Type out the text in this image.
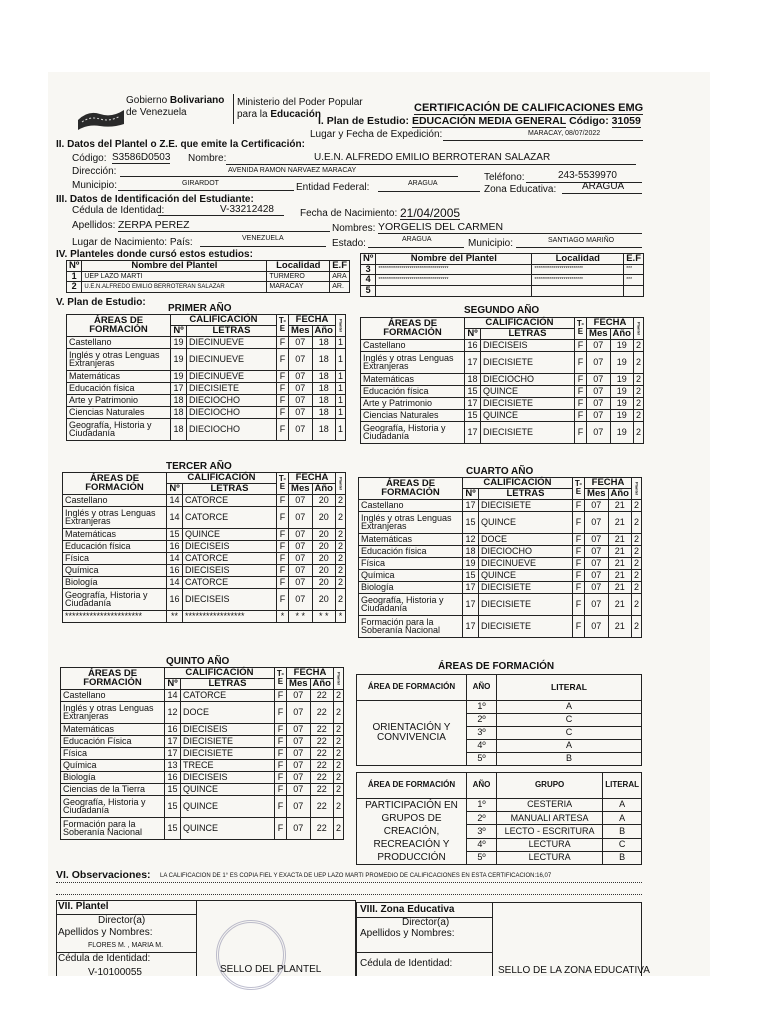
Gobierno Bolivariano
de Venezuela
Ministerio del Poder Popular
para la Educación
CERTIFICACIÓN DE CALIFICACIONES EMG
I. Plan de Estudio: EDUCACIÓN MEDIA GENERAL Código: 31059
Lugar y Fecha de Expedición:	MARACAY, 08/07/2022
II. Datos del Plantel o Z.E. que emite la Certificación:
Código: S3586D0503 Nombre:	U.E.N. ALFREDO EMILIO BERROTERAN SALAZAR
Dirección:	AVENIDA RAMON NARVAEZ MARACAY
Teléfono:	243-5539970
Municipio:	GIRARDOT	Entidad Federal:	ARAGUA
Zona Educativa:	ARAGUA
III. Datos de Identificación del Estudiante:
Cédula de Identidad:	V-33212428	Fecha de Nacimiento: 21/04/2005
Apellidos: ZERPA PEREZ	Nombres: YORGELIS DEL CARMEN
Lugar de Nacimiento: País:	VENEZUELA	Estado:	ARAGUA	Municipio:	SANTIAGO MARIÑO
IV. Planteles donde cursó estos estudios:
Nº	Nombre del Plantel	Localidad	E.F
1	UEP LAZO MARTI	TURMERO	ARA
2	U.E.N.ALFREDO EMILIO BERROTERAN SALAZAR	MARACAY	AR.
Nº	Nombre del Plantel	Localidad	E.F
3	************************************	*************************	***
4	************************************	*************************	***
5			
V. Plan de Estudio:
PRIMER AÑO
ÁREAS DE FORMACIÓN	CALIFICACIÓN		T-E	FECHA		Plantel
	Nº	LETRAS		Mes	Año	
Castellano	19	DIECINUEVE	F	07	18	1
Inglés y otras Lenguas Extranjeras	19	DIECINUEVE	F	07	18	1
Matemáticas	19	DIECINUEVE	F	07	18	1
Educación física	17	DIECISIETE	F	07	18	1
Arte y Patrimonio	18	DIECIOCHO	F	07	18	1
Ciencias Naturales	18	DIECIOCHO	F	07	18	1
Geografía, Historia y Ciudadanía	18	DIECIOCHO	F	07	18	1
SEGUNDO AÑO
ÁREAS DE FORMACIÓN	CALIFICACIÓN		T-E	FECHA		Plantel
	Nº	LETRAS		Mes	Año	
Castellano	16	DIECISEIS	F	07	19	2
Inglés y otras Lenguas Extranjeras	17	DIECISIETE	F	07	19	2
Matemáticas	18	DIECIOCHO	F	07	19	2
Educación física	15	QUINCE	F	07	19	2
Arte y Patrimonio	17	DIECISIETE	F	07	19	2
Ciencias Naturales	15	QUINCE	F	07	19	2
Geografía, Historia y Ciudadanía	17	DIECISIETE	F	07	19	2
TERCER AÑO
ÁREAS DE FORMACIÓN	CALIFICACIÓN		T-E	FECHA		Plantel
	Nº	LETRAS		Mes	Año	
Castellano	14	CATORCE	F	07	20	2
Inglés y otras Lenguas Extranjeras	14	CATORCE	F	07	20	2
Matemáticas	15	QUINCE	F	07	20	2
Educación física	16	DIECISEIS	F	07	20	2
Física	14	CATORCE	F	07	20	2
Química	16	DIECISEIS	F	07	20	2
Biología	14	CATORCE	F	07	20	2
Geografía, Historia y Ciudadanía	16	DIECISEIS	F	07	20	2
**********************	**	*****************	*	* *	* *	*
CUARTO AÑO
ÁREAS DE FORMACIÓN	CALIFICACIÓN		T-E	FECHA		Plantel
	Nº	LETRAS		Mes	Año	
Castellano	17	DIECISIETE	F	07	21	2
Inglés y otras Lenguas Extranjeras	15	QUINCE	F	07	21	2
Matemáticas	12	DOCE	F	07	21	2
Educación física	18	DIECIOCHO	F	07	21	2
Física	19	DIECINUEVE	F	07	21	2
Química	15	QUINCE	F	07	21	2
Biología	17	DIECISIETE	F	07	21	2
Geografía, Historia y Ciudadanía	17	DIECISIETE	F	07	21	2
Formación para la Soberanía Nacional	17	DIECISIETE	F	07	21	2
QUINTO AÑO
ÁREAS DE FORMACIÓN	CALIFICACIÓN		T-E	FECHA		Plantel
	Nº	LETRAS		Mes	Año	
Castellano	14	CATORCE	F	07	22	2
Inglés y otras Lenguas Extranjeras	12	DOCE	F	07	22	2
Matemáticas	16	DIECISEIS	F	07	22	2
Educación Física	17	DIECISIETE	F	07	22	2
Física	17	DIECISIETE	F	07	22	2
Química	13	TRECE	F	07	22	2
Biología	16	DIECISEIS	F	07	22	2
Ciencias de la Tierra	15	QUINCE	F	07	22	2
Geografía, Historia y Ciudadanía	15	QUINCE	F	07	22	2
Formación para la Soberanía Nacional	15	QUINCE	F	07	22	2
ÁREAS DE FORMACIÓN
ÁREA DE FORMACIÓN	AÑO	LITERAL
ORIENTACIÓN Y CONVIVENCIA	1º	A
	2º	C
	3º	C
	4º	A
	5º	B
ÁREA DE FORMACIÓN	AÑO	GRUPO	LITERAL
PARTICIPACIÓN EN GRUPOS DE CREACIÓN, RECREACIÓN Y PRODUCCIÓN	1º	CESTERIA	A
	2º	MANUALI ARTESA	A
	3º	LECTO - ESCRITURA	B
	4º	LECTURA	C
	5º	LECTURA	B
VI. Observaciones: LA CALIFICACION DE 1° ES COPIA FIEL Y EXACTA DE UEP LAZO MARTI PROMEDIO DE CALIFICACIONES EN ESTA CERTIFICACION:16,07
VII. Plantel
Director(a)
Apellidos y Nombres:
FLORES M. , MARIA M.
Cédula de Identidad:
V-10100055	SELLO DEL PLANTEL
VIII. Zona Educativa
Director(a)
Apellidos y Nombres:
Cédula de Identidad:
SELLO DE LA ZONA EDUCATIVA
